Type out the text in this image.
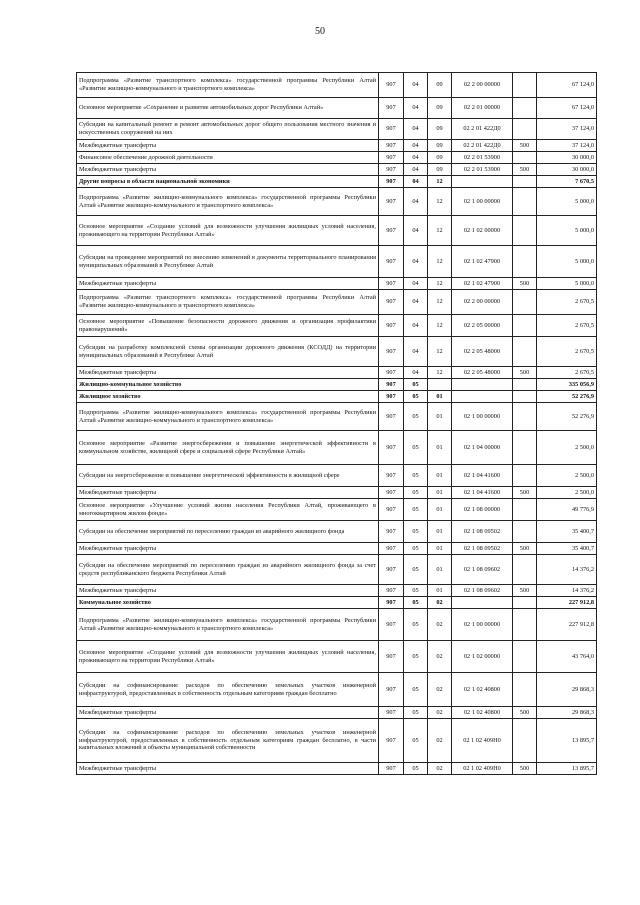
50
Подпрограмма «Развитие транспортного комплекса» государственной программы Республики Алтай «Развитие жилищно-коммунального и транспортного комплекса»	907	04	09	02 2 00 00000		67 124,0
Основное мероприятие «Сохранение и развитие автомобильных дорог Республики Алтай»	907	04	09	02 2 01 00000		67 124,0
Субсидии на капитальный ремонт и ремонт автомобильных дорог общего пользования местного значения и искусственных сооружений на них	907	04	09	02 2 01 422Д0		37 124,0
Межбюджетные трансферты	907	04	09	02 2 01 422Д0	500	37 124,0
Финансовое обеспечение дорожной деятельности	907	04	09	02 2 01 53900		30 000,0
Межбюджетные трансферты	907	04	09	02 2 01 53900	500	30 000,0
Другие вопросы в области национальной экономики	907	04	12			7 670,5
Подпрограмма «Развитие жилищно-коммунального комплекса» государственной программы Республики Алтай «Развитие жилищно-коммунального и транспортного комплекса»	907	04	12	02 1 00 00000		5 000,0
Основное мероприятие «Создание условий для возможности улучшения жилищных условий населения, проживающего на территории Республики Алтай»	907	04	12	02 1 02 00000		5 000,0
Субсидии на проведение мероприятий по внесению изменений в документы территориального планирования муниципальных образований в Республике Алтай	907	04	12	02 1 02 47900		5 000,0
Межбюджетные трансферты	907	04	12	02 1 02 47900	500	5 000,0
Подпрограмма «Развитие транспортного комплекса» государственной программы Республики Алтай «Развитие жилищно-коммунального и транспортного комплекса»	907	04	12	02 2 00 00000		2 670,5
Основное мероприятие «Повышение безопасности дорожного движения и организация профилактики правонарушений»	907	04	12	02 2 05 00000		2 670,5
Субсидии на разработку комплексной схемы организации дорожного движения (КСОДД) на территории муниципальных образований в Республике Алтай	907	04	12	02 2 05 48000		2 670,5
Межбюджетные трансферты	907	04	12	02 2 05 48000	500	2 670,5
Жилищно-коммунальное хозяйство	907	05				335 056,9
Жилищное хозяйство	907	05	01			52 276,9
Подпрограмма «Развитие жилищно-коммунального комплекса» государственной программы Республики Алтай «Развитие жилищно-коммунального и транспортного комплекса»	907	05	01	02 1 00 00000		52 276,9
Основное мероприятие «Развитие энергосбережения и повышение энергетической эффективности в коммунальном хозяйстве, жилищной сфере и социальной сфере Республики Алтай»	907	05	01	02 1 04 00000		2 500,0
Субсидии на энергосбережение и повышение энергетической эффективности в жилищной сфере	907	05	01	02 1 04 41600		2 500,0
Межбюджетные трансферты	907	05	01	02 1 04 41600	500	2 500,0
Основное мероприятие «Улучшение условий жизни населения Республики Алтай, проживающего в многоквартирном жилом фонде»	907	05	01	02 1 08 00000		49 776,9
Субсидии на обеспечение мероприятий по переселению граждан из аварийного жилищного фонда	907	05	01	02 1 08 09502		35 400,7
Межбюджетные трансферты	907	05	01	02 1 08 09502	500	35 400,7
Субсидии на обеспечение мероприятий по переселению граждан из аварийного жилищного фонда за счет средств республиканского бюджета Республики Алтай	907	05	01	02 1 08 09602		14 376,2
Межбюджетные трансферты	907	05	01	02 1 08 09602	500	14 376,2
Коммунальное хозяйство	907	05	02			227 912,8
Подпрограмма «Развитие жилищно-коммунального комплекса» государственной программы Республики Алтай «Развитие жилищно-коммунального и транспортного комплекса»	907	05	02	02 1 00 00000		227 912,8
Основное мероприятие «Создание условий для возможности улучшения жилищных условий населения, проживающего на территории Республики Алтай»	907	05	02	02 1 02 00000		43 764,0
Субсидии на софинансирование расходов по обеспечению земельных участков инженерной инфраструктурой, предоставленных в собственность отдельным категориям граждан бесплатно	907	05	02	02 1 02 40800		29 868,3
Межбюджетные трансферты	907	05	02	02 1 02 40800	500	29 868,3
Субсидии на софинансирование расходов по обеспечению земельных участков инженерной инфраструктурой, предоставленных в собственность отдельным категориям граждан бесплатно, в части капитальных вложений в объекты муниципальной собственности	907	05	02	02 1 02 409Н0		13 895,7
Межбюджетные трансферты	907	05	02	02 1 02 409Н0	500	13 895,7
